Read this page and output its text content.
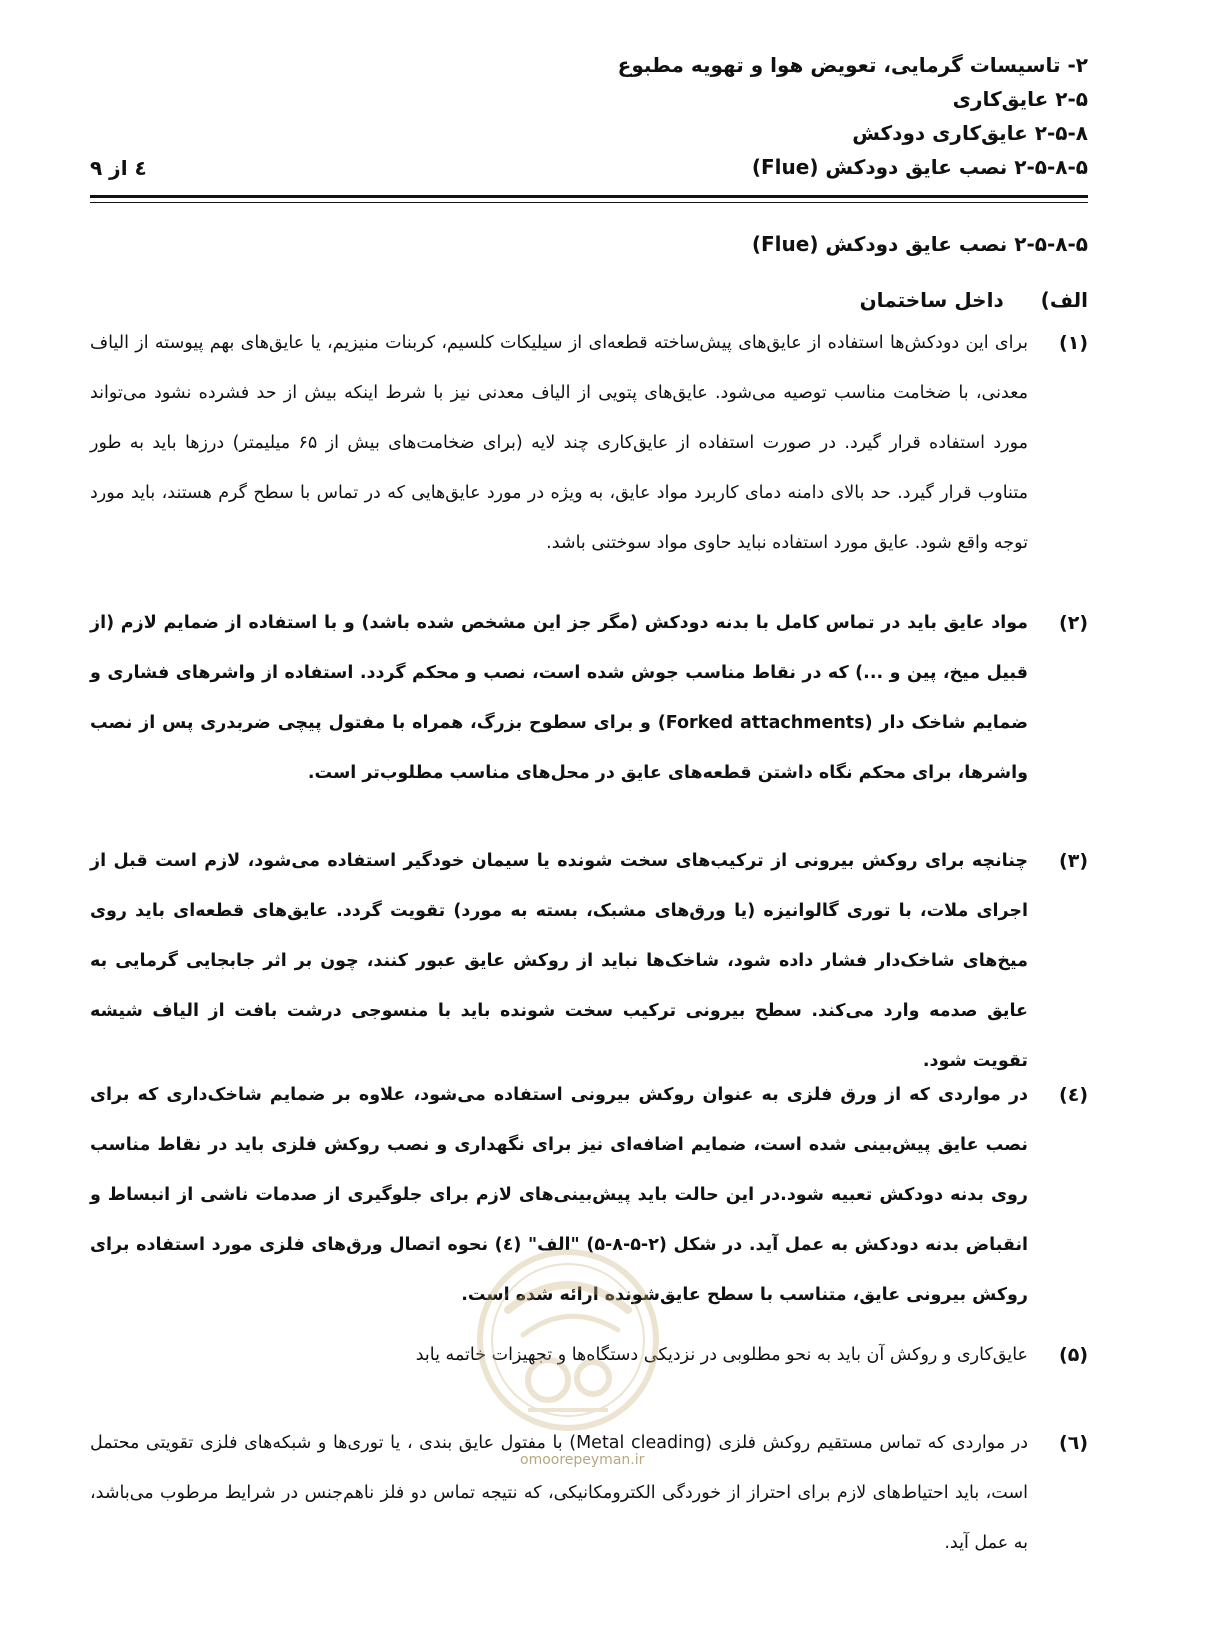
۲- تاسیسات گرمایی، تعویض هوا و تهویه مطبوع
۲-۵ عایق‌کاری
۲-۵-۸ عایق‌کاری دودکش
۲-۵-۸-۵ نصب عایق دودکش (Flue)
٤ از ۹
۲-۵-۸-۵ نصب عایق دودکش (Flue)
الف) داخل ساختمان
(۱)
برای این دودکش‌ها استفاده از عایق‌های پیش‌ساخته قطعه‌ای از سیلیکات کلسیم، کربنات منیزیم، یا عایق‌های بهم پیوسته از الیاف معدنی، با ضخامت مناسب توصیه می‌شود. عایق‌های پتویی از الیاف معدنی نیز با شرط اینکه بیش از حد فشرده نشود می‌تواند مورد استفاده قرار گیرد. در صورت استفاده از عایق‌کاری چند لایه (برای ضخامت‌های بیش از ۶۵ میلیمتر) درزها باید به طور متناوب قرار گیرد. حد بالای دامنه دمای کاربرد مواد عایق، به ویژه در مورد عایق‌هایی که در تماس با سطح گرم هستند، باید مورد توجه واقع شود. عایق مورد استفاده نباید حاوی مواد سوختنی باشد.
(۲)
مواد عایق باید در تماس کامل با بدنه دودکش (مگر جز این مشخص شده باشد) و با استفاده از ضمایم لازم (از قبیل میخ، پین و ...) که در نقاط مناسب جوش شده است، نصب و محکم گردد. استفاده از واشرهای فشاری و ضمایم شاخک دار (Forked attachments) و برای سطوح بزرگ، همراه با مفتول پیچی ضربدری پس از نصب واشرها، برای محکم نگاه داشتن قطعه‌های عایق در محل‌های مناسب مطلوب‌تر است.
(۳)
چنانچه برای روکش بیرونی از ترکیب‌های سخت شونده یا سیمان خودگیر استفاده می‌شود، لازم است قبل از اجرای ملات، با توری گالوانیزه (یا ورق‌های مشبک، بسته به مورد) تقویت گردد. عایق‌های قطعه‌ای باید روی میخ‌های شاخک‌دار فشار داده شود، شاخک‌ها نباید از روکش عایق عبور کنند، چون بر اثر جابجایی گرمایی به عایق صدمه وارد می‌کند. سطح بیرونی ترکیب سخت شونده باید با منسوجی درشت بافت از الیاف شیشه تقویت شود.
(٤)
در مواردی که از ورق فلزی به عنوان روکش بیرونی استفاده می‌شود، علاوه بر ضمایم شاخک‌داری که برای نصب عایق پیش‌بینی شده است، ضمایم اضافه‌ای نیز برای نگهداری و نصب روکش فلزی باید در نقاط مناسب روی بدنه دودکش تعبیه شود.در این حالت باید پیش‌بینی‌های لازم برای جلوگیری از صدمات ناشی از انبساط و انقباض بدنه دودکش به عمل آید. در شکل (۲-۵-۸-۵) "الف" (٤) نحوه اتصال ورق‌های فلزی مورد استفاده برای روکش بیرونی عایق، متناسب با سطح عایق‌شونده ارائه شده است.
(۵)
عایق‌کاری و روکش آن باید به نحو مطلوبی در نزدیکی دستگاه‌ها و تجهیزات خاتمه یابد
(٦)
در مواردی که تماس مستقیم روکش فلزی (Metal cleading) با مفتول عایق بندی ، یا توری‌ها و شبکه‌های فلزی تقویتی محتمل است، باید احتیاط‌های لازم برای احتراز از خوردگی الکترومکانیکی، که نتیجه تماس دو فلز ناهم‌جنس در شرایط مرطوب می‌باشد، به عمل آید.
omoorepeyman.ir
